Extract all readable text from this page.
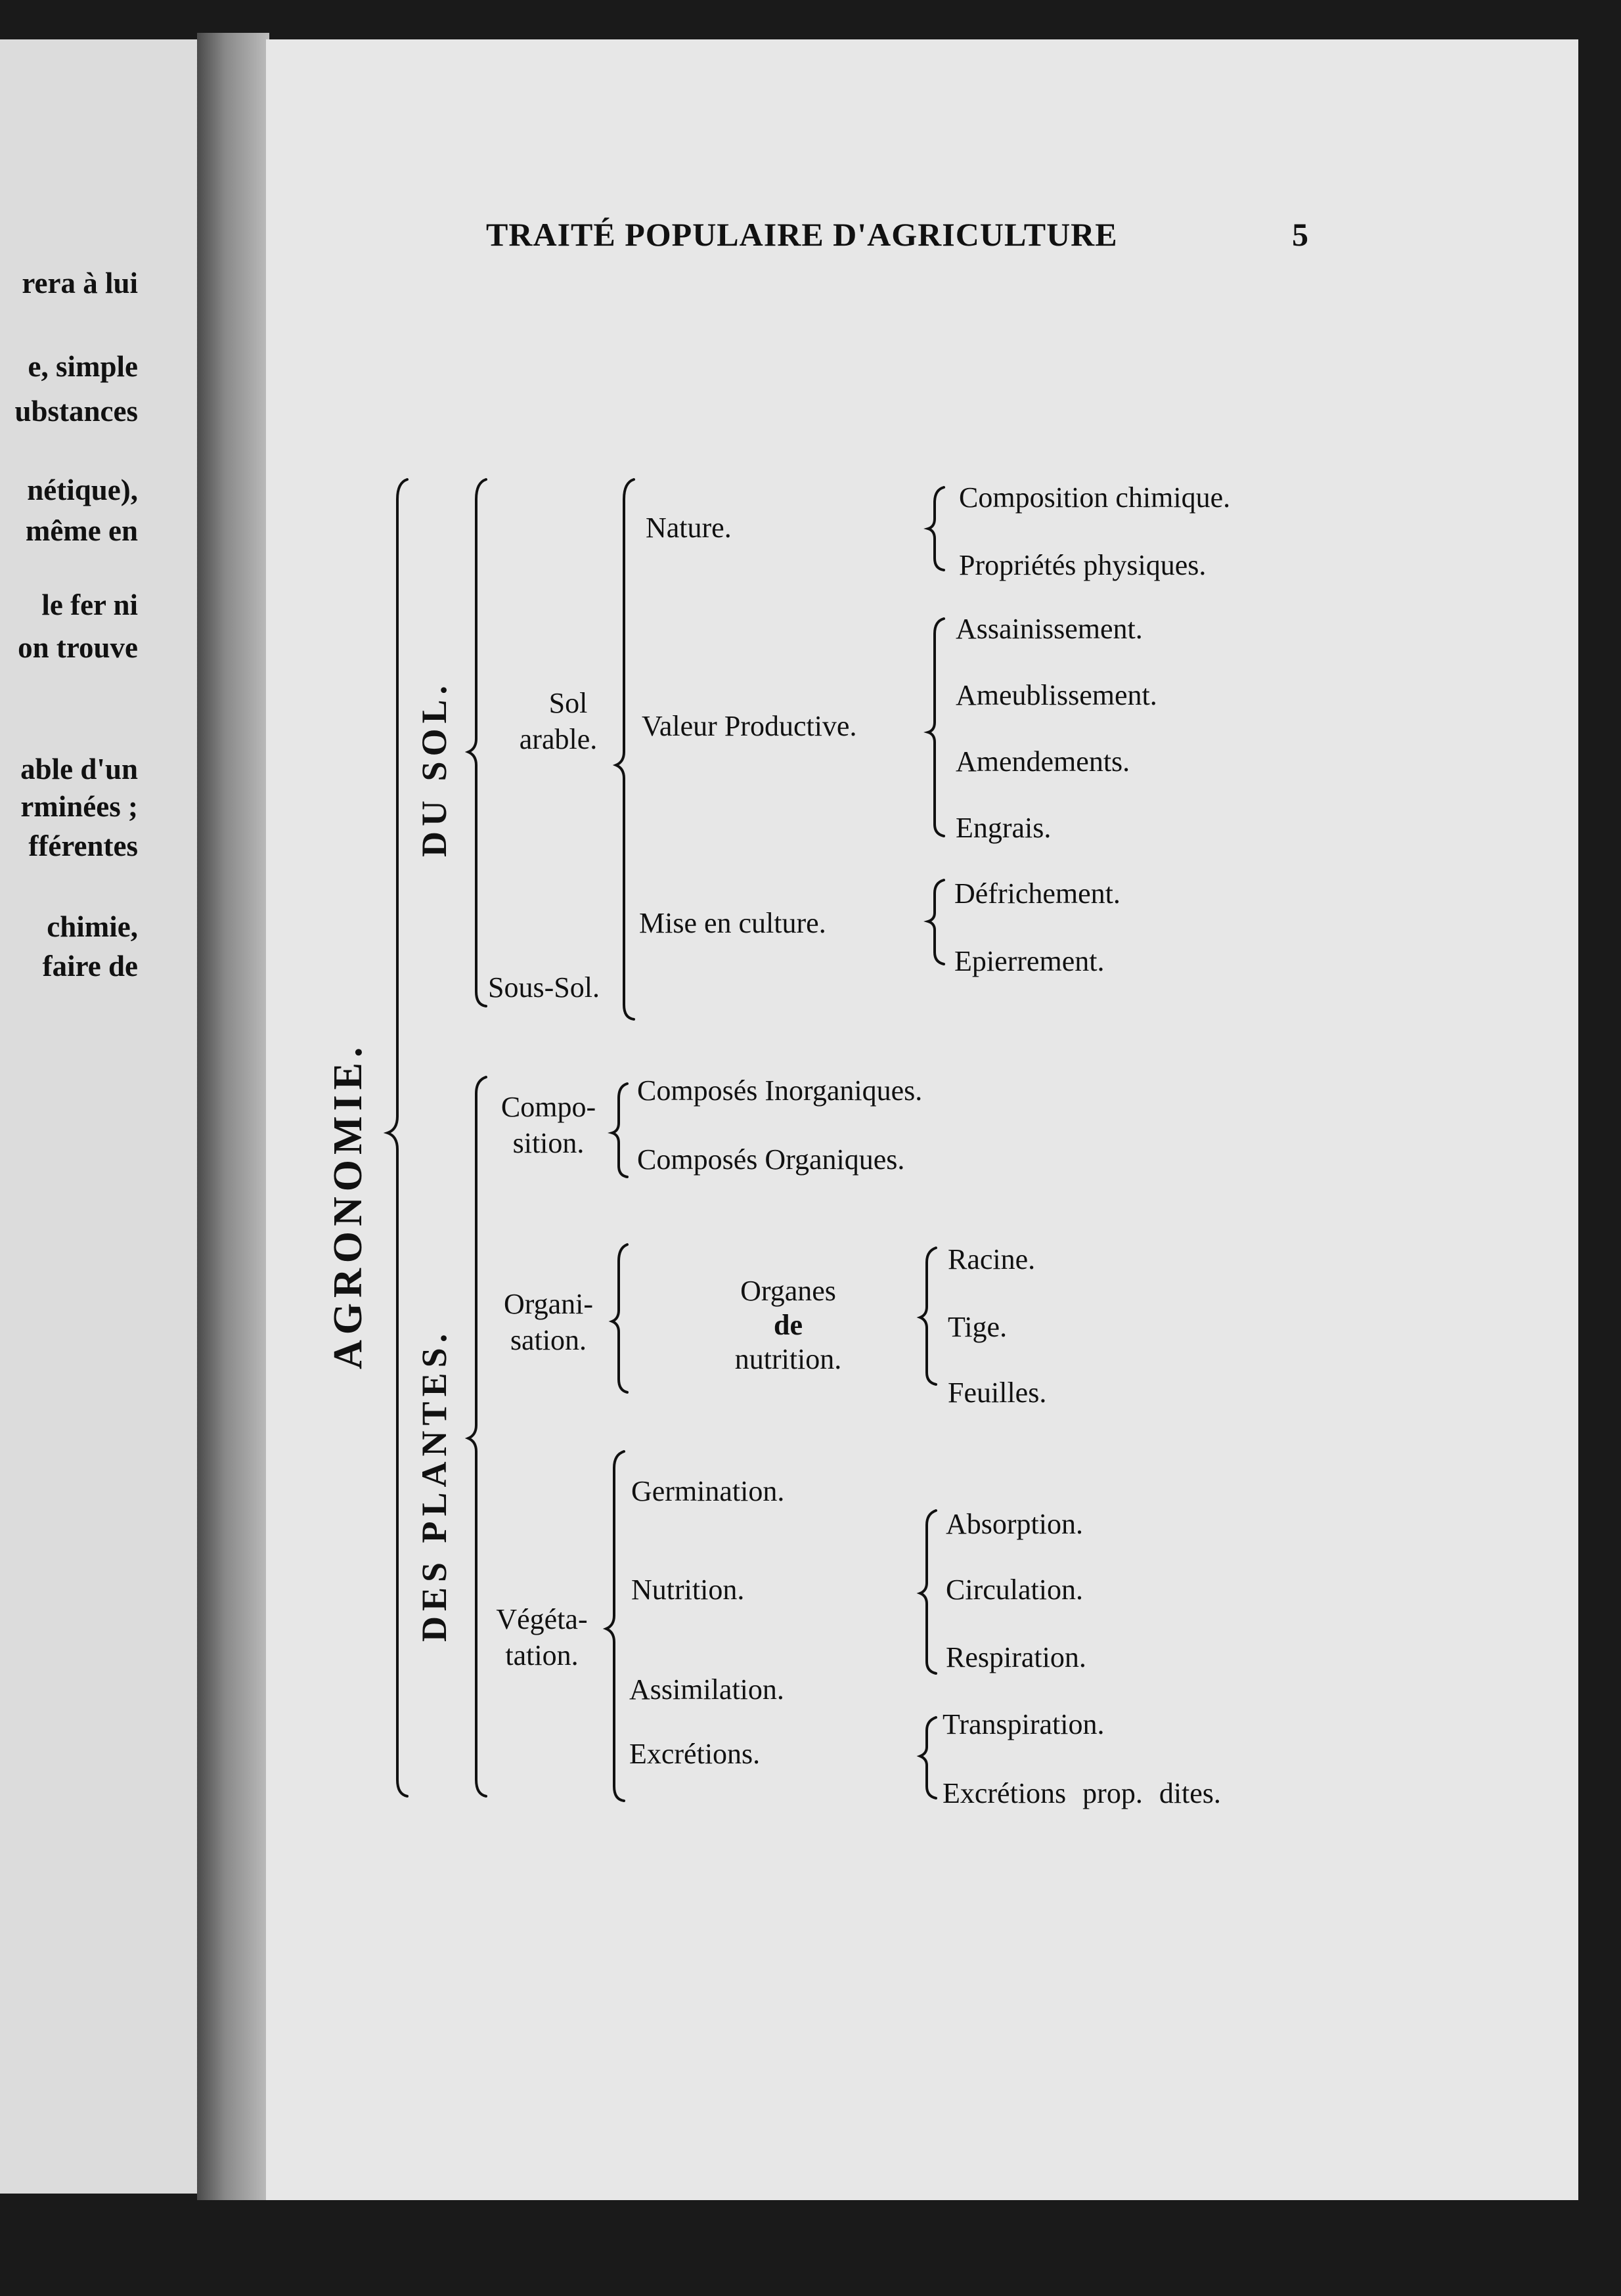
rera à lui
e, simple
ubstances
nétique),
même en
le fer ni
on trouve
able d'un
rminées ;
fférentes
chimie,
faire de
TRAITÉ POPULAIRE D'AGRICULTURE	5
AGRONOMIE.
DU SOL.
DES PLANTES.
Sol
arable.
Nature.
Composition chimique.
Propriétés physiques.
Valeur Productive.
Assainissement.
Ameublissement.
Amendements.
Engrais.
Mise en culture.
Défrichement.
Epierrement.
Sous-Sol.
Compo-
sition.
Composés Inorganiques.
Composés Organiques.
Organi-
sation.
Organes
de
nutrition.
Racine.
Tige.
Feuilles.
Végéta-
tation.
Germination.
Nutrition.
Absorption.
Circulation.
Respiration.
Assimilation.
Excrétions.
Transpiration.
Excrétions prop. dites.
